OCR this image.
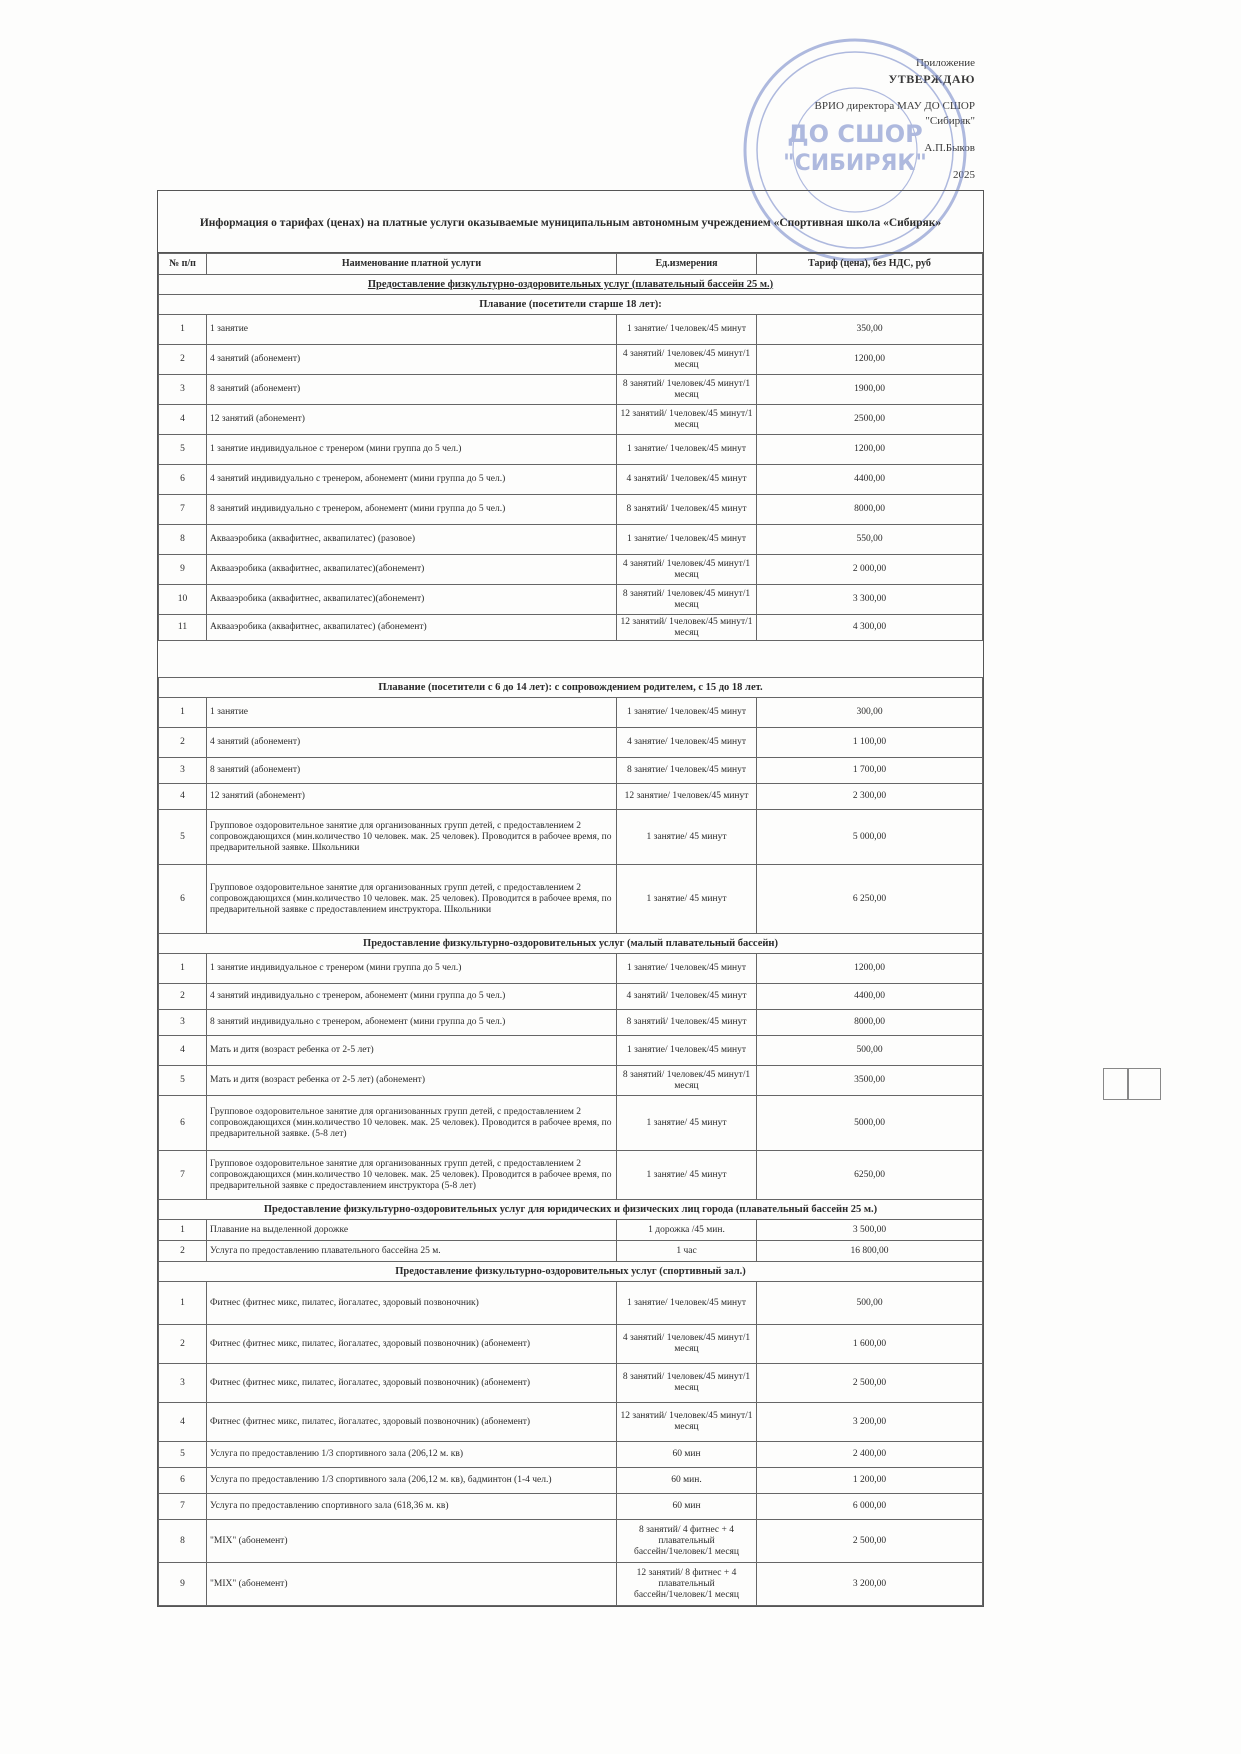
Приложение
УТВЕРЖДАЮ
ВРИО директора МАУ ДО СШОР "Сибиряк"
А.П.Быков
2025
ДО СШОР
"СИБИРЯК"
Информация о тарифах (ценах) на платные услуги оказываемые муниципальным автономным учреждением «Спортивная школа «Сибиряк»
№ п/п	Наименование платной услуги	Ед.измерения	Тариф (цена), без НДС, руб
Предоставление физкультурно-оздоровительных услуг (плавательный бассейн 25 м.)			
Плавание (посетители старше 18 лет):			
1	1 занятие	1 занятие/ 1человек/45 минут	350,00
2	4 занятий (абонемент)	4 занятий/ 1человек/45 минут/1 месяц	1200,00
3	8 занятий (абонемент)	8 занятий/ 1человек/45 минут/1 месяц	1900,00
4	12 занятий (абонемент)	12 занятий/ 1человек/45 минут/1 месяц	2500,00
5	1 занятие индивидуальное с тренером (мини группа до 5 чел.)	1 занятие/ 1человек/45 минут	1200,00
6	4 занятий индивидуально с тренером, абонемент (мини группа до 5 чел.)	4 занятий/ 1человек/45 минут	4400,00
7	8 занятий индивидуально с тренером, абонемент (мини группа до 5 чел.)	8 занятий/ 1человек/45 минут	8000,00
8	Аквааэробика (аквафитнес, аквапилатес) (разовое)	1 занятие/ 1человек/45 минут	550,00
9	Аквааэробика (аквафитнес, аквапилатес)(абонемент)	4 занятий/ 1человек/45 минут/1 месяц	2 000,00
10	Аквааэробика (аквафитнес, аквапилатес)(абонемент)	8 занятий/ 1человек/45 минут/1 месяц	3 300,00
11	Аквааэробика (аквафитнес, аквапилатес) (абонемент)	12 занятий/ 1человек/45 минут/1 месяц	4 300,00

Плавание (посетители с 6 до 14 лет): с сопровождением родителем, с 15 до 18 лет.			
1	1 занятие	1 занятие/ 1человек/45 минут	300,00
2	4 занятий (абонемент)	4 занятие/ 1человек/45 минут	1 100,00
3	8 занятий (абонемент)	8 занятие/ 1человек/45 минут	1 700,00
4	12 занятий (абонемент)	12 занятие/ 1человек/45 минут	2 300,00
5	Групповое оздоровительное занятие для организованных групп детей, с предоставлением 2 сопровождающихся (мин.количество 10 человек. мак. 25 человек). Проводится в рабочее время, по предварительной заявке. Школьники	1 занятие/ 45 минут	5 000,00
6	Групповое оздоровительное занятие для организованных групп детей, с предоставлением 2 сопровождающихся (мин.количество 10 человек. мак. 25 человек). Проводится в рабочее время, по предварительной заявке с предоставлением инструктора. Школьники	1 занятие/ 45 минут	6 250,00
Предоставление физкультурно-оздоровительных услуг (малый плавательный бассейн)			
1	1 занятие индивидуальное с тренером (мини группа до 5 чел.)	1 занятие/ 1человек/45 минут	1200,00
2	4 занятий индивидуально с тренером, абонемент (мини группа до 5 чел.)	4 занятий/ 1человек/45 минут	4400,00
3	8 занятий индивидуально с тренером, абонемент (мини группа до 5 чел.)	8 занятий/ 1человек/45 минут	8000,00
4	Мать и дитя (возраст ребенка от 2-5 лет)	1 занятие/ 1человек/45 минут	500,00
5	Мать и дитя (возраст ребенка от 2-5 лет) (абонемент)	8 занятий/ 1человек/45 минут/1 месяц	3500,00
6	Групповое оздоровительное занятие для организованных групп детей, с предоставлением 2 сопровождающихся (мин.количество 10 человек. мак. 25 человек). Проводится в рабочее время, по предварительной заявке. (5-8 лет)	1 занятие/ 45 минут	5000,00
7	Групповое оздоровительное занятие для организованных групп детей, с предоставлением 2 сопровождающихся (мин.количество 10 человек. мак. 25 человек). Проводится в рабочее время, по предварительной заявке с предоставлением инструктора (5-8 лет)	1 занятие/ 45 минут	6250,00
Предоставление физкультурно-оздоровительных услуг для юридических и физических лиц города (плавательный бассейн 25 м.)			
1	Плавание на выделенной дорожке	1 дорожка /45 мин.	3 500,00
2	Услуга по предоставлению плавательного бассейна 25 м.	1 час	16 800,00
Предоставление физкультурно-оздоровительных услуг (спортивный зал.)			
1	Фитнес (фитнес микс, пилатес, йогалатес, здоровый позвоночник)	1 занятие/ 1человек/45 минут	500,00
2	Фитнес (фитнес микс, пилатес, йогалатес, здоровый позвоночник) (абонемент)	4 занятий/ 1человек/45 минут/1 месяц	1 600,00
3	Фитнес (фитнес микс, пилатес, йогалатес, здоровый позвоночник) (абонемент)	8 занятий/ 1человек/45 минут/1 месяц	2 500,00
4	Фитнес (фитнес микс, пилатес, йогалатес, здоровый позвоночник) (абонемент)	12 занятий/ 1человек/45 минут/1 месяц	3 200,00
5	Услуга по предоставлению 1/3 спортивного зала (206,12 м. кв)	60 мин	2 400,00
6	Услуга по предоставлению 1/3 спортивного зала (206,12 м. кв), бадминтон (1-4 чел.)	60 мин.	1 200,00
7	Услуга по предоставлению спортивного зала (618,36 м. кв)	60 мин	6 000,00
8	"MIX" (абонемент)	8 занятий/ 4 фитнес + 4 плавательный бассейн/1человек/1 месяц	2 500,00
9	"MIX" (абонемент)	12 занятий/ 8 фитнес + 4 плавательный бассейн/1человек/1 месяц	3 200,00
